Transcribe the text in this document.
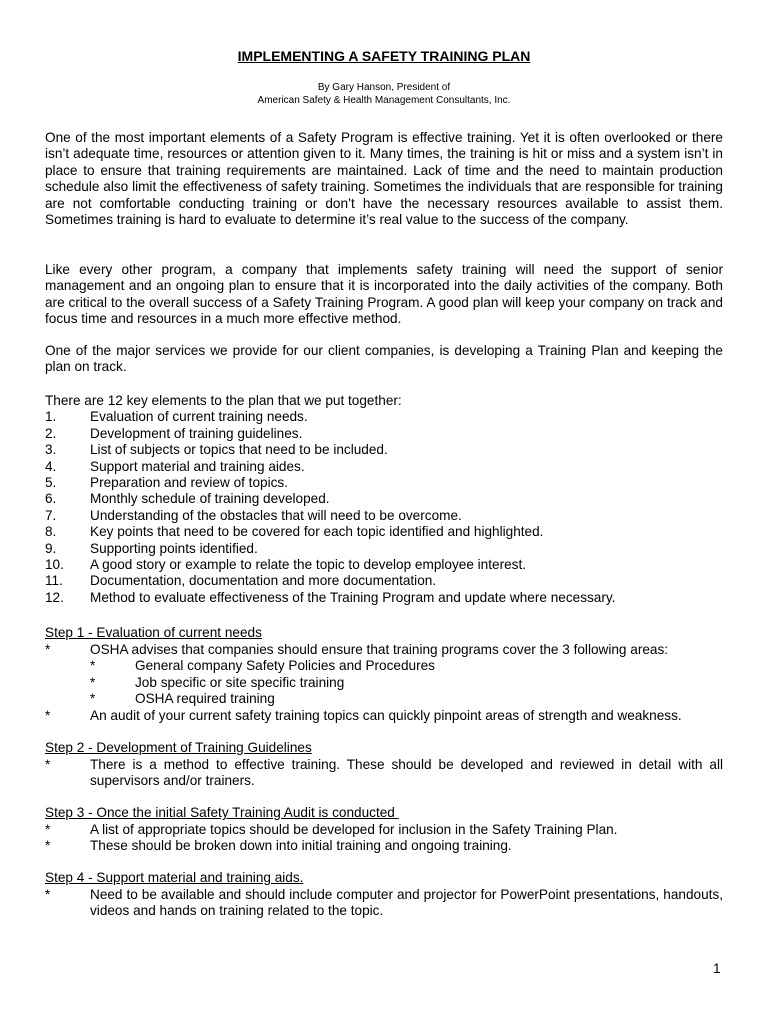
IMPLEMENTING A SAFETY TRAINING PLAN
By Gary Hanson, President of
American Safety & Health Management Consultants, Inc.

One of the most important elements of a Safety Program is effective training. Yet it is often overlooked or there isn’t adequate time, resources or attention given to it. Many times, the training is hit or miss and a system isn’t in place to ensure that training requirements are maintained. Lack of time and the need to maintain production schedule also limit the effectiveness of safety training. Sometimes the individuals that are responsible for training are not comfortable conducting training or don’t have the necessary resources available to assist them. Sometimes training is hard to evaluate to determine it’s real value to the success of the company.

Like every other program, a company that implements safety training will need the support of senior management and an ongoing plan to ensure that it is incorporated into the daily activities of the company. Both are critical to the overall success of a Safety Training Program. A good plan will keep your company on track and focus time and resources in a much more effective method.

One of the major services we provide for our client companies, is developing a Training Plan and keeping the plan on track.

There are 12 key elements to the plan that we put together:
1. Evaluation of current training needs.
2. Development of training guidelines.
3. List of subjects or topics that need to be included.
4. Support material and training aides.
5. Preparation and review of topics.
6. Monthly schedule of training developed.
7. Understanding of the obstacles that will need to be overcome.
8. Key points that need to be covered for each topic identified and highlighted.
9. Supporting points identified.
10. A good story or example to relate the topic to develop employee interest.
11. Documentation, documentation and more documentation.
12. Method to evaluate effectiveness of the Training Program and update where necessary.
Step 1 - Evaluation of current needs
*	OSHA advises that companies should ensure that training programs cover the 3 following areas:
*	General company Safety Policies and Procedures
*	Job specific or site specific training
*	OSHA required training
*	An audit of your current safety training topics can quickly pinpoint areas of strength and weakness.
Step 2 - Development of Training Guidelines
*	There is a method to effective training. These should be developed and reviewed in detail with all supervisors and/or trainers.
Step 3 - Once the initial Safety Training Audit is conducted
*	A list of appropriate topics should be developed for inclusion in the Safety Training Plan.
*	These should be broken down into initial training and ongoing training.
Step 4 - Support material and training aids.
*	Need to be available and should include computer and projector for PowerPoint presentations, handouts, videos and hands on training related to the topic.
1
